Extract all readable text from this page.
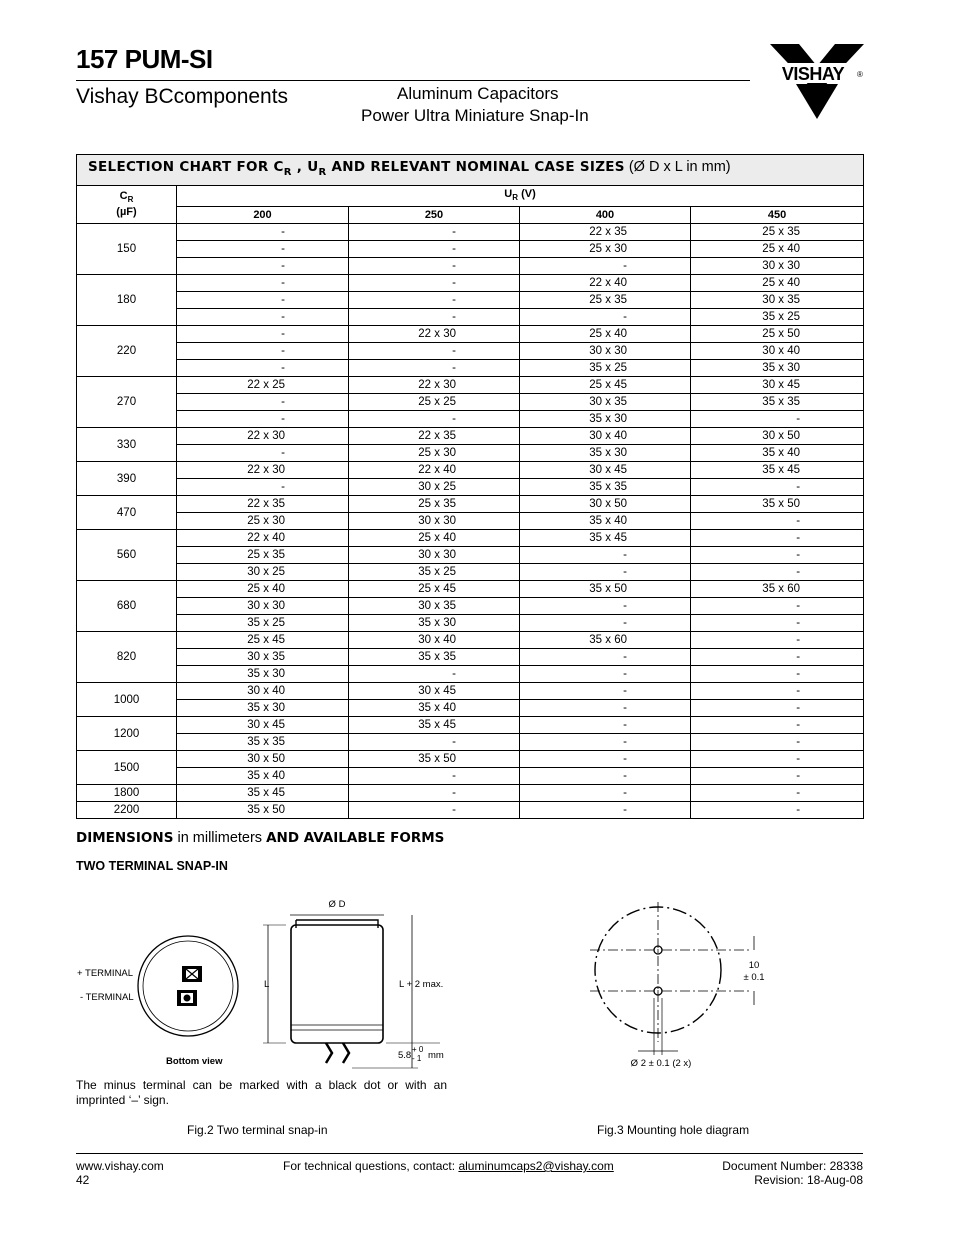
157 PUM-SI
Vishay BCcomponents	Aluminum Capacitors
Power Ultra Miniature Snap-In
VISHAY ®
SELECTION CHART FOR $C_R$ , $U_R$ AND RELEVANT NOMINAL CASE SIZES (Ø D x L in mm)				
$C_R$
(µF)	$U_R$ (V)			
	200	250	400	450
150	-	-	22 x 35	25 x 35
	-	-	25 x 30	25 x 40
	-	-	-	30 x 30
180	-	-	22 x 40	25 x 40
	-	-	25 x 35	30 x 35
	-	-	-	35 x 25
220	-	22 x 30	25 x 40	25 x 50
	-	-	30 x 30	30 x 40
	-	-	35 x 25	35 x 30
270	22 x 25	22 x 30	25 x 45	30 x 45
	-	25 x 25	30 x 35	35 x 35
	-	-	35 x 30	-
330	22 x 30	22 x 35	30 x 40	30 x 50
	-	25 x 30	35 x 30	35 x 40
390	22 x 30	22 x 40	30 x 45	35 x 45
	-	30 x 25	35 x 35	-
470	22 x 35	25 x 35	30 x 50	35 x 50
	25 x 30	30 x 30	35 x 40	-
560	22 x 40	25 x 40	35 x 45	-
	25 x 35	30 x 30	-	-
	30 x 25	35 x 25	-	-
680	25 x 40	25 x 45	35 x 50	35 x 60
	30 x 30	30 x 35	-	-
	35 x 25	35 x 30	-	-
820	25 x 45	30 x 40	35 x 60	-
	30 x 35	35 x 35	-	-
	35 x 30	-	-	-
1000	30 x 40	30 x 45	-	-
	35 x 30	35 x 40	-	-
1200	30 x 45	35 x 45	-	-
	35 x 35	-	-	-
1500	30 x 50	35 x 50	-	-
	35 x 40	-	-	-
1800	35 x 45	-	-	-
2200	35 x 50	-	-	-
DIMENSIONS in millimeters AND AVAILABLE FORMS
TWO TERMINAL SNAP-IN
+ TERMINAL
- TERMINAL
Bottom view
Ø D
L	L + 2 max.
5.8
+ 0
- 1 mm
10
± 0.1
Ø 2 ± 0.1 (2 x)
The minus terminal can be marked with a black dot or with an imprinted ‘–’ sign.
Fig.2 Two terminal snap-in	Fig.3 Mounting hole diagram
www.vishay.com
42
For technical questions, contact: aluminumcaps2@vishay.com	Document Number: 28338
Revision: 18-Aug-08
